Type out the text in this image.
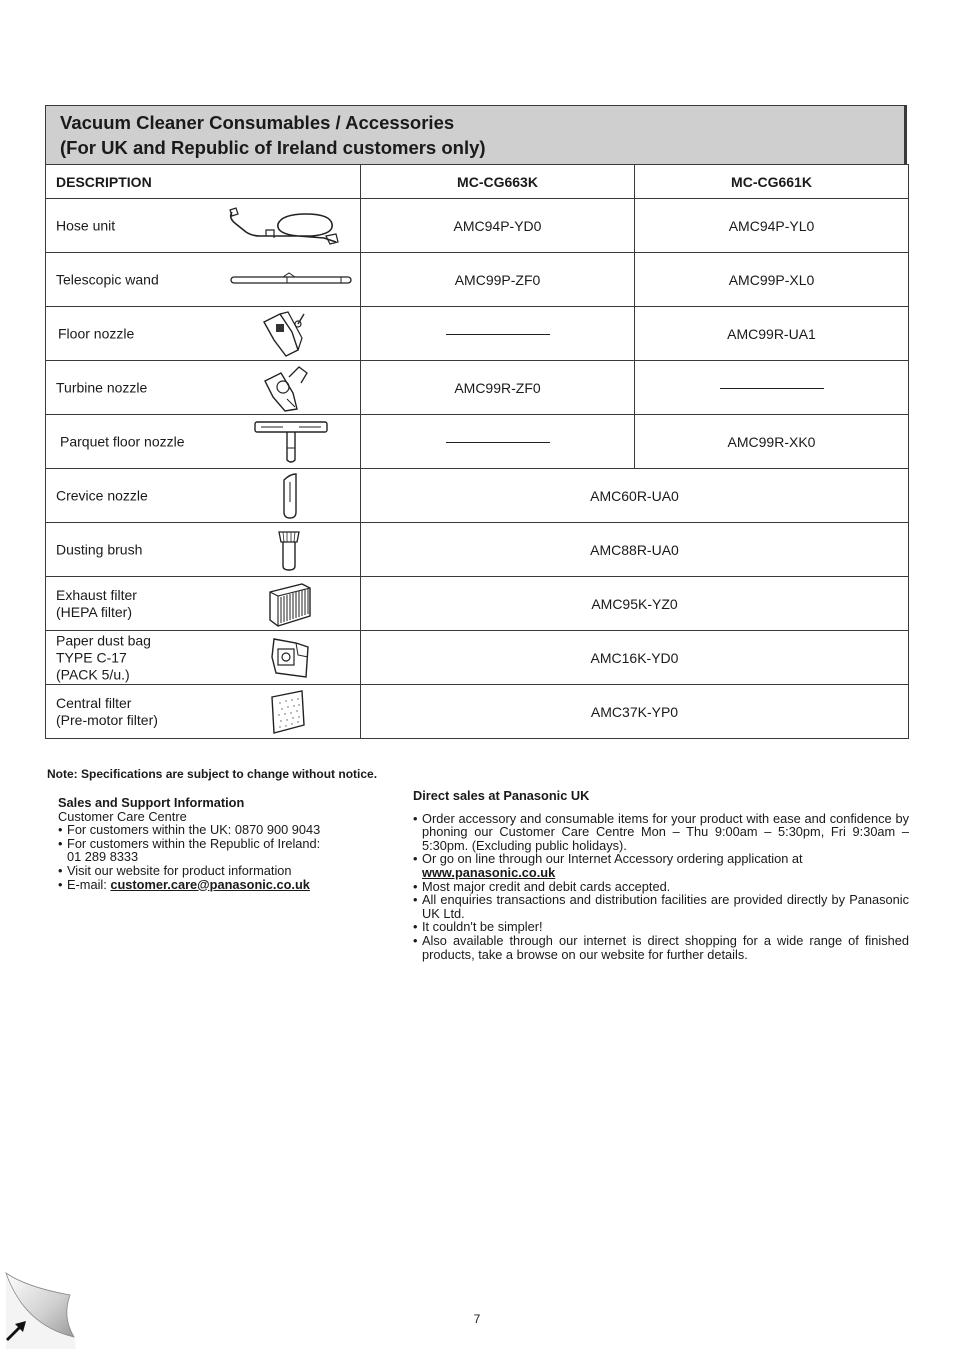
Vacuum Cleaner Consumables / Accessories
(For UK and Republic of Ireland customers only)
DESCRIPTION	MC-CG663K	MC-CG661K

Hose unit	AMC94P-YD0	AMC94P-YL0

Telescopic wand	AMC99P-ZF0	AMC99P-XL0

Floor nozzle		AMC99R-UA1

Turbine nozzle	AMC99R-ZF0	

Parquet floor nozzle		AMC99R-XK0

Crevice nozzle	AMC60R-UA0	

Dusting brush	AMC88R-UA0	

Exhaust filter
(HEPA filter)	AMC95K-YZ0	

Paper dust bag
TYPE C-17
(PACK 5/u.)	AMC16K-YD0	

Central filter
(Pre-motor filter)	AMC37K-YP0	
Note: Specifications are subject to change without notice.
Sales and Support Information
Customer Care Centre
• For customers within the UK: 0870 900 9043
• For customers within the Republic of Ireland:
01 289 8333
• Visit our website for product information
• E-mail: customer.care@panasonic.co.uk
Direct sales at Panasonic UK
• Order accessory and consumable items for your product with ease and confidence by phoning our Customer Care Centre Mon – Thu 9:00am – 5:30pm, Fri 9:30am – 5:30pm. (Excluding public holidays).
• Or go on line through our Internet Accessory ordering application at
www.panasonic.co.uk
• Most major credit and debit cards accepted.
• All enquiries transactions and distribution facilities are provided directly by Panasonic UK Ltd.
• It couldn't be simpler!
• Also available through our internet is direct shopping for a wide range of finished products, take a browse on our website for further details.
7
